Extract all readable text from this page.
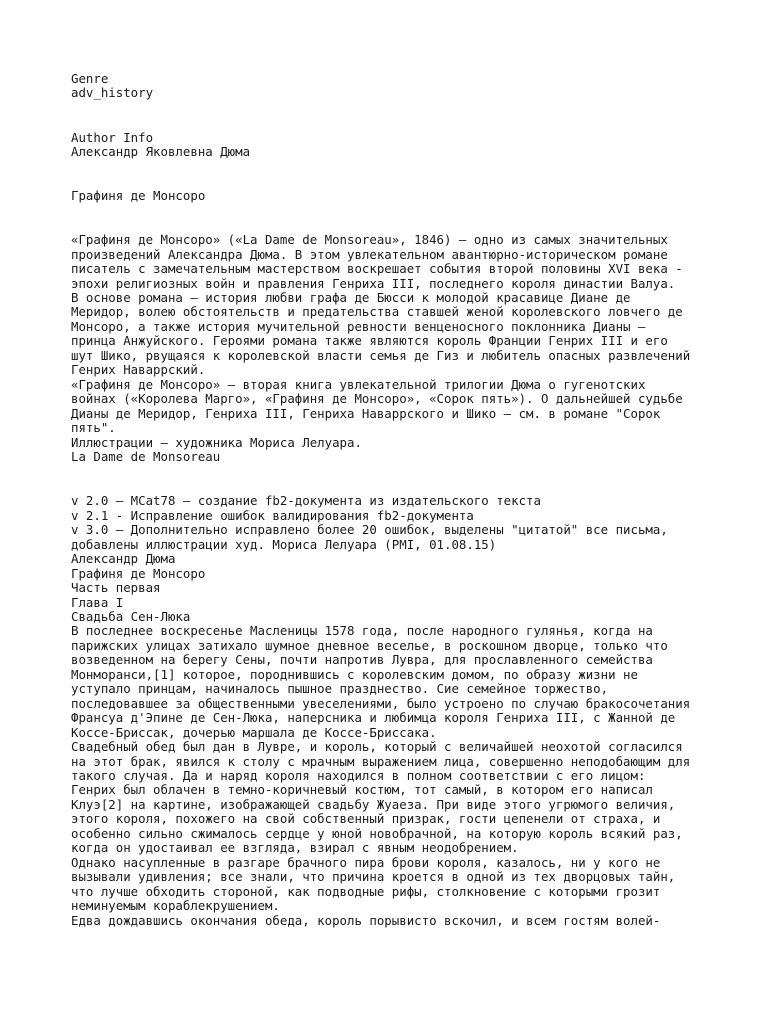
Genre
adv_history
Author Info
Александр Яковлевна Дюма
Графиня де Монсоро
«Графиня де Монсоро» («La Dame de Monsoreau», 1846) — одно из самых значительных
произведений Александра Дюма. В этом увлекательном авантюрно-историческом романе
писатель с замечательным мастерством воскрешает события второй половины XVI века -
эпохи религиозных войн и правления Генриха III, последнего короля династии Валуа.
В основе романа — история любви графа де Бюсси к молодой красавице Диане де
Меридор, волею обстоятельств и предательства ставшей женой королевского ловчего де
Монсоро, а также история мучительной ревности венценосного поклонника Дианы —
принца Анжуйского. Героями романа также являются король Франции Генрих III и его
шут Шико, рвущаяся к королевской власти семья де Гиз и любитель опасных развлечений
Генрих Наваррский.
«Графиня де Монсоро» — вторая книга увлекательной трилогии Дюма о гугенотских
войнах («Королева Марго», «Графиня де Монсоро», «Сорок пять»). О дальнейшей судьбе
Дианы де Меридор, Генриха III, Генриха Наваррского и Шико — см. в романе "Сорок
пять".
Иллюстрации — художника Мориса Лелуара.
La Dame de Monsoreau
v 2.0 – MCat78 – создание fb2-документа из издательского текста
v 2.1 - Исправление ошибок валидирования fb2-документа
v 3.0 — Дополнительно исправлено более 20 ошибок, выделены "цитатой" все письма,
добавлены иллюстрации худ. Мориса Лелуара (PMI, 01.08.15)
Александр Дюма
Графиня де Монсоро
Часть первая
Глава I
Свадьба Сен-Люка
В последнее воскресенье Масленицы 1578 года, после народного гулянья, когда на
парижских улицах затихало шумное дневное веселье, в роскошном дворце, только что
возведенном на берегу Сены, почти напротив Лувра, для прославленного семейства
Монморанси,[1] которое, породнившись с королевским домом, по образу жизни не
уступало принцам, начиналось пышное празднество. Сие семейное торжество,
последовавшее за общественными увеселениями, было устроено по случаю бракосочетания
Франсуа д'Эпине де Сен-Люка, наперсника и любимца короля Генриха III, с Жанной де
Коссе-Бриссак, дочерью маршала де Коссе-Бриссака.
Свадебный обед был дан в Лувре, и король, который с величайшей неохотой согласился
на этот брак, явился к столу с мрачным выражением лица, совершенно неподобающим для
такого случая. Да и наряд короля находился в полном соответствии с его лицом:
Генрих был облачен в темно-коричневый костюм, тот самый, в котором его написал
Клуэ[2] на картине, изображающей свадьбу Жуаеза. При виде этого угрюмого величия,
этого короля, похожего на свой собственный призрак, гости цепенели от страха, и
особенно сильно сжималось сердце у юной новобрачной, на которую король всякий раз,
когда он удостаивал ее взгляда, взирал с явным неодобрением.
Однако насупленные в разгаре брачного пира брови короля, казалось, ни у кого не
вызывали удивления; все знали, что причина кроется в одной из тех дворцовых тайн,
что лучше обходить стороной, как подводные рифы, столкновение с которыми грозит
неминуемым кораблекрушением.
Едва дождавшись окончания обеда, король порывисто вскочил, и всем гостям волей-
